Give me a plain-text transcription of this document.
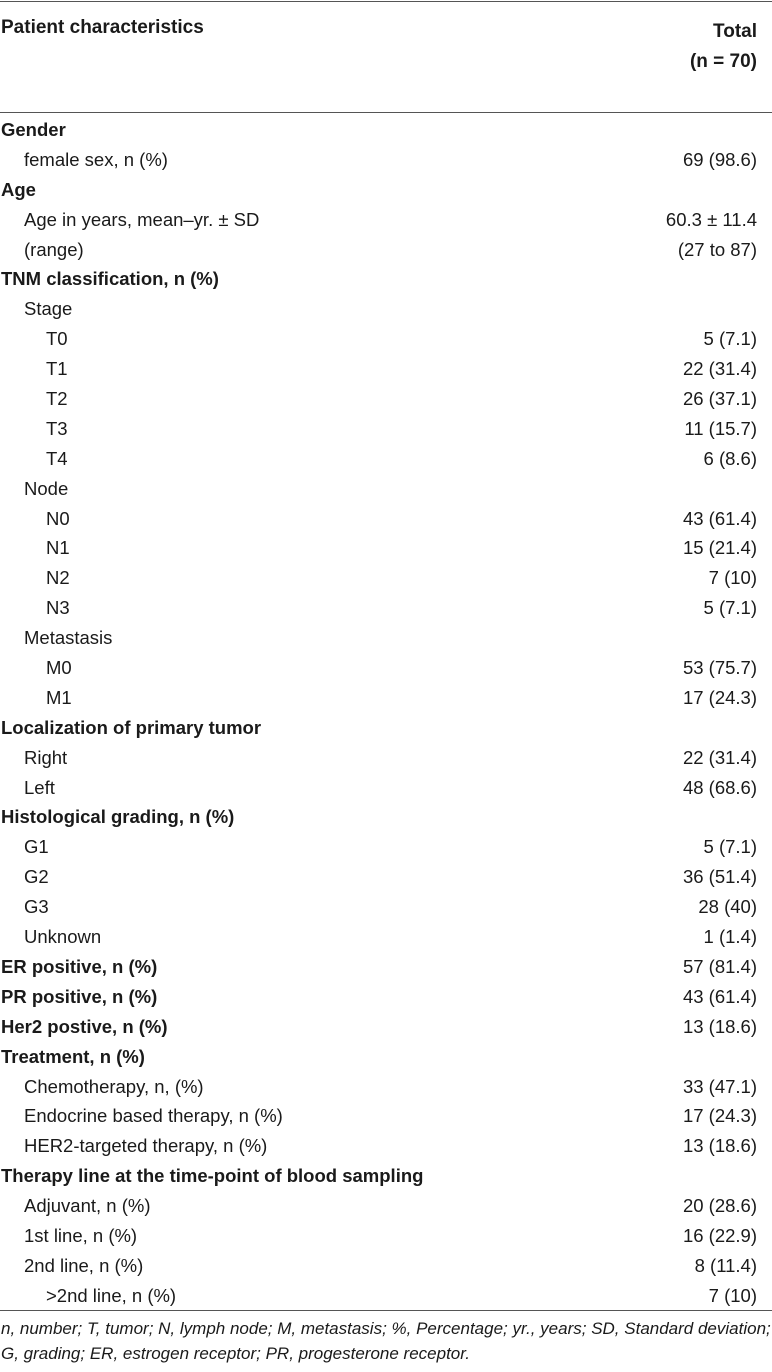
Patient characteristics	Total
(n = 70)
Gender
female sex, n (%)	69 (98.6)
Age
Age in years, mean–yr. ± SD	60.3 ± 11.4
(range)	(27 to 87)
TNM classification, n (%)
Stage
T0	5 (7.1)
T1	22 (31.4)
T2	26 (37.1)
T3	11 (15.7)
T4	6 (8.6)
Node
N0	43 (61.4)
N1	15 (21.4)
N2	7 (10)
N3	5 (7.1)
Metastasis
M0	53 (75.7)
M1	17 (24.3)
Localization of primary tumor
Right	22 (31.4)
Left	48 (68.6)
Histological grading, n (%)
G1	5 (7.1)
G2	36 (51.4)
G3	28 (40)
Unknown	1 (1.4)
ER positive, n (%)	57 (81.4)
PR positive, n (%)	43 (61.4)
Her2 postive, n (%)	13 (18.6)
Treatment, n (%)
Chemotherapy, n, (%)	33 (47.1)
Endocrine based therapy, n (%)	17 (24.3)
HER2-targeted therapy, n (%)	13 (18.6)
Therapy line at the time-point of blood sampling
Adjuvant, n (%)	20 (28.6)
1st line, n (%)	16 (22.9)
2nd line, n (%)	8 (11.4)
>2nd line, n (%)	7 (10)
n, number; T, tumor; N, lymph node; M, metastasis; %, Percentage; yr., years; SD, Standard deviation; G, grading; ER, estrogen receptor; PR, progesterone receptor.
